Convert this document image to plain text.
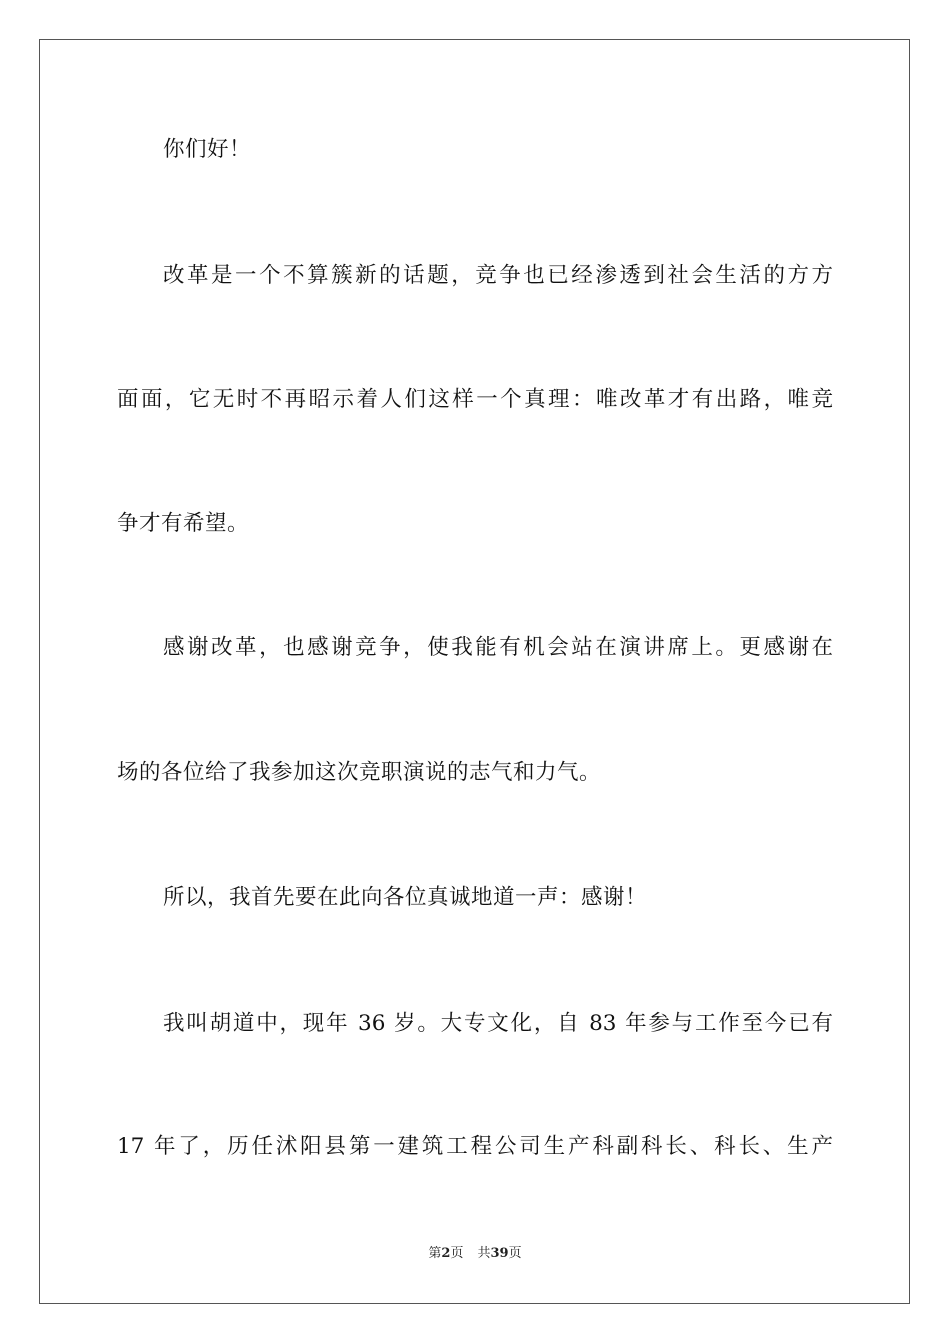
你们好！
改革是一个不算簇新的话题，竞争也已经渗透到社会生活的方方
面面，它无时不再昭示着人们这样一个真理：唯改革才有出路，唯竞
争才有希望。
感谢改革，也感谢竞争，使我能有机会站在演讲席上。更感谢在
场的各位给了我参加这次竞职演说的志气和力气。
所以，我首先要在此向各位真诚地道一声：感谢！
我叫胡道中，现年 36 岁。大专文化，自 83 年参与工作至今已有
17 年了，历任沭阳县第一建筑工程公司生产科副科长、科长、生产
第2页 共39页
